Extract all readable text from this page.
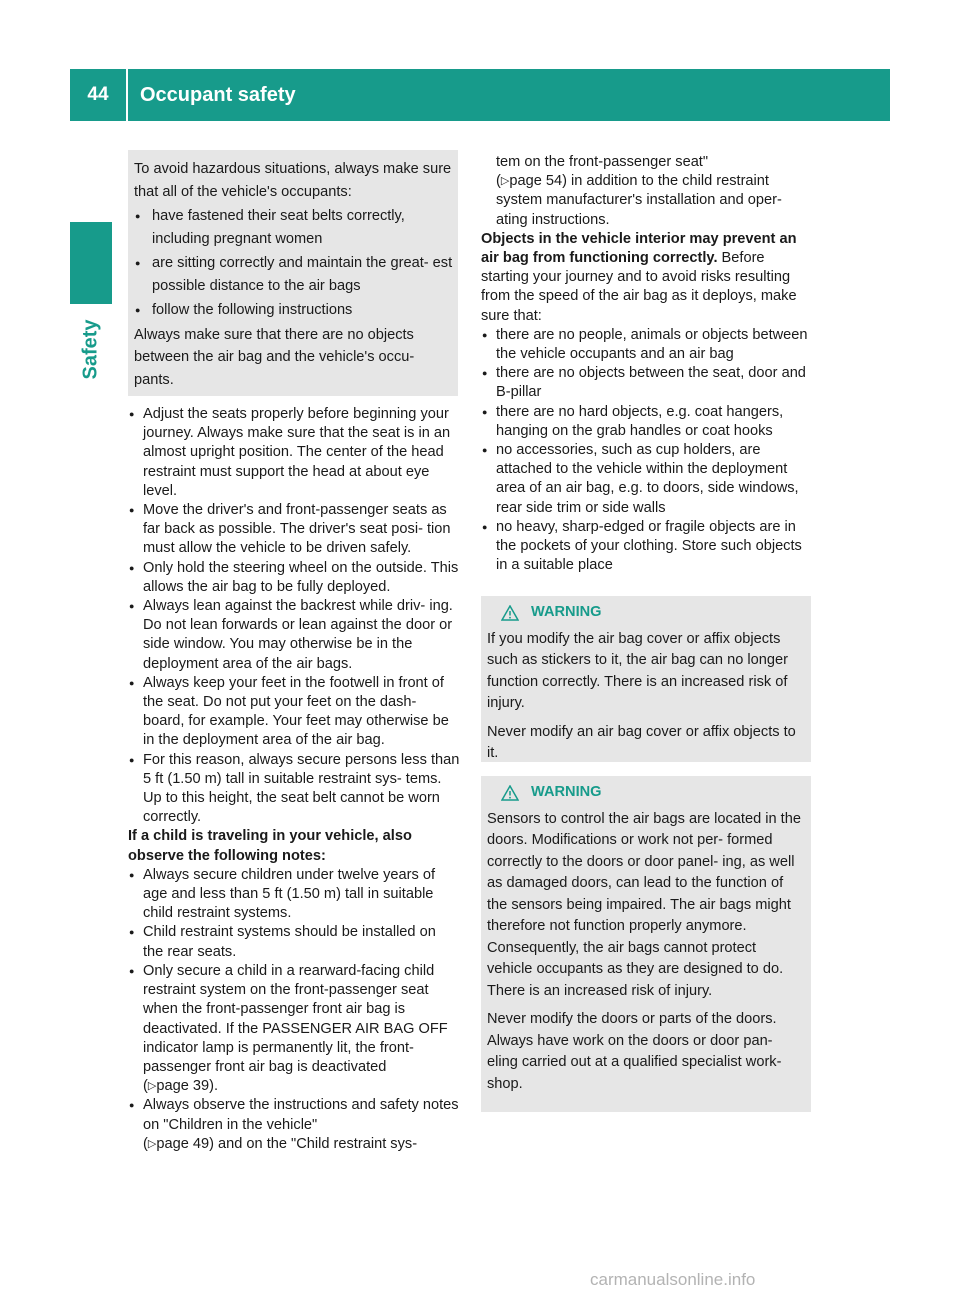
44	Occupant safety
Safety

To avoid hazardous situations, always make sure that all of the vehicle's occupants:

● have fastened their seat belts correctly, including pregnant women
● are sitting correctly and maintain the great- est possible distance to the air bags
● follow the following instructions

Always make sure that there are no objects between the air bag and the vehicle's occu- pants.

● Adjust the seats properly before beginning your journey. Always make sure that the seat is in an almost upright position. The center of the head restraint must support the head at about eye level.
● Move the driver's and front-passenger seats as far back as possible. The driver's seat posi- tion must allow the vehicle to be driven safely.
● Only hold the steering wheel on the outside. This allows the air bag to be fully deployed.
● Always lean against the backrest while driv- ing. Do not lean forwards or lean against the door or side window. You may otherwise be in the deployment area of the air bags.
● Always keep your feet in the footwell in front of the seat. Do not put your feet on the dash- board, for example. Your feet may otherwise be in the deployment area of the air bag.
● For this reason, always secure persons less than 5 ft (1.50 m) tall in suitable restraint sys- tems. Up to this height, the seat belt cannot be worn correctly.

If a child is traveling in your vehicle, also observe the following notes:

● Always secure children under twelve years of age and less than 5 ft (1.50 m) tall in suitable child restraint systems.
● Child restraint systems should be installed on the rear seats.
● Only secure a child in a rearward-facing child restraint system on the front-passenger seat when the front-passenger front air bag is deactivated. If the PASSENGER AIR BAG OFF indicator lamp is permanently lit, the front- passenger front air bag is deactivated
(▷page 39).
● Always observe the instructions and safety notes on "Children in the vehicle"
(▷page 49) and on the "Child restraint sys-

tem on the front-passenger seat"
(▷page 54) in addition to the child restraint system manufacturer's installation and oper- ating instructions.

Objects in the vehicle interior may prevent an air bag from functioning correctly. Before starting your journey and to avoid risks resulting from the speed of the air bag as it deploys, make sure that:

● there are no people, animals or objects between the vehicle occupants and an air bag
● there are no objects between the seat, door and B-pillar
● there are no hard objects, e.g. coat hangers, hanging on the grab handles or coat hooks
● no accessories, such as cup holders, are attached to the vehicle within the deployment area of an air bag, e.g. to doors, side windows, rear side trim or side walls
● no heavy, sharp-edged or fragile objects are in the pockets of your clothing. Store such objects in a suitable place
WARNING

If you modify the air bag cover or affix objects such as stickers to it, the air bag can no longer function correctly. There is an increased risk of injury.

Never modify an air bag cover or affix objects to it.

WARNING

Sensors to control the air bags are located in the doors. Modifications or work not per- formed correctly to the doors or door panel- ing, as well as damaged doors, can lead to the function of the sensors being impaired. The air bags might therefore not function properly anymore. Consequently, the air bags cannot protect vehicle occupants as they are designed to do. There is an increased risk of injury.

Never modify the doors or parts of the doors. Always have work on the doors or door pan- eling carried out at a qualified specialist work- shop.

carmanualsonline.info
